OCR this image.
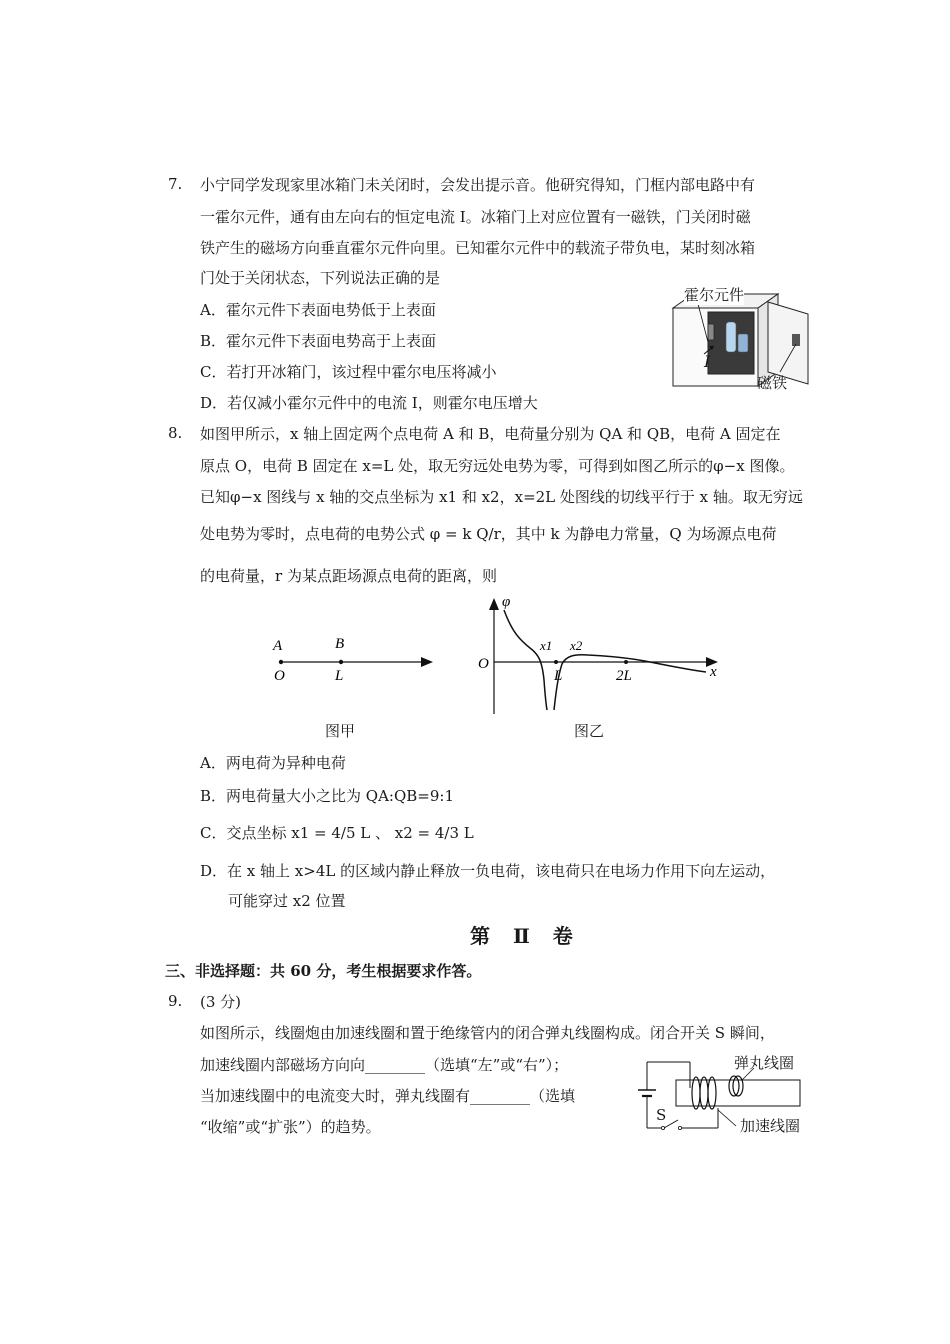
7. 小宁同学发现家里冰箱门未关闭时，会发出提示音。他研究得知，门框内部电路中有
一霍尔元件，通有由左向右的恒定电流 I。冰箱门上对应位置有一磁铁，门关闭时磁
铁产生的磁场方向垂直霍尔元件向里。已知霍尔元件中的载流子带负电，某时刻冰箱
门处于关闭状态，下列说法正确的是
A．霍尔元件下表面电势低于上表面
B．霍尔元件下表面电势高于上表面
C．若打开冰箱门，该过程中霍尔电压将减小
D．若仅减小霍尔元件中的电流 I，则霍尔电压增大
霍尔元件
I
磁铁
8. 如图甲所示，x 轴上固定两个点电荷 A 和 B，电荷量分别为 QA 和 QB，电荷 A 固定在
原点 O，电荷 B 固定在 x=L 处，取无穷远处电势为零，可得到如图乙所示的φ−x 图像。
已知φ−x 图线与 x 轴的交点坐标为 x1 和 x2，x=2L 处图线的切线平行于 x 轴。取无穷远
处电势为零时，点电荷的电势公式 φ = k Q/r，其中 k 为静电力常量，Q 为场源点电荷
的电荷量，r 为某点距场源点电荷的距离，则
A	B
O	L
图甲
φ
O
x1 x2
L	2L	x
图乙
A．两电荷为异种电荷
B．两电荷量大小之比为 QA:QB=9:1
C．交点坐标 x1 = 4/5 L 、 x2 = 4/3 L
D．在 x 轴上 x>4L 的区域内静止释放一负电荷，该电荷只在电场力作用下向左运动，
可能穿过 x2 位置
第 Ⅱ 卷
三、非选择题：共 60 分，考生根据要求作答。
9. (3 分)
如图所示，线圈炮由加速线圈和置于绝缘管内的闭合弹丸线圈构成。闭合开关 S 瞬间，
加速线圈内部磁场方向向________（选填“左”或“右”）；
当加速线圈中的电流变大时，弹丸线圈有________（选填
“收缩”或“扩张”）的趋势。
弹丸线圈
加速线圈
S
